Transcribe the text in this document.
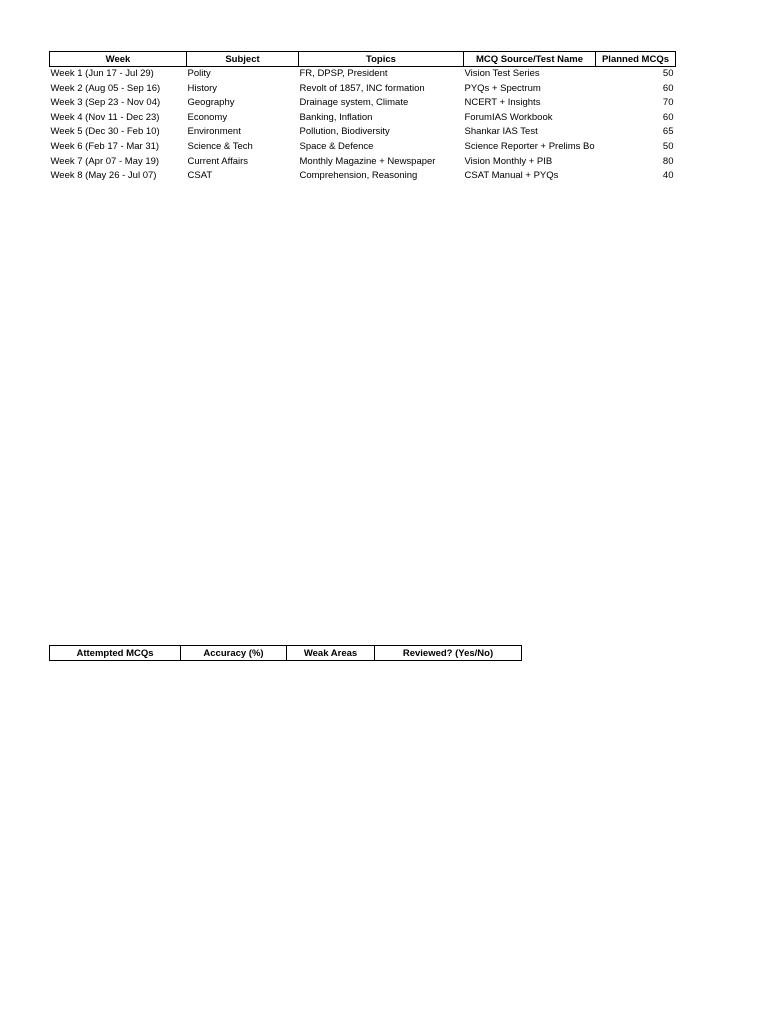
Week	Subject	Topics	MCQ Source/Test Name	Planned MCQs
Week 1 (Jun 17 - Jul 29)	Polity	FR, DPSP, President	Vision Test Series	50
Week 2 (Aug 05 - Sep 16)	History	Revolt of 1857, INC formation	PYQs + Spectrum	60
Week 3 (Sep 23 - Nov 04)	Geography	Drainage system, Climate	NCERT + Insights	70
Week 4 (Nov 11 - Dec 23)	Economy	Banking, Inflation	ForumIAS Workbook	60
Week 5 (Dec 30 - Feb 10)	Environment	Pollution, Biodiversity	Shankar IAS Test	65
Week 6 (Feb 17 - Mar 31)	Science & Tech	Space & Defence	Science Reporter + Prelims Bo	50
Week 7 (Apr 07 - May 19)	Current Affairs	Monthly Magazine + Newspaper	Vision Monthly + PIB	80
Week 8 (May 26 - Jul 07)	CSAT	Comprehension, Reasoning	CSAT Manual + PYQs	40
Attempted MCQs	Accuracy (%)	Weak Areas	Reviewed? (Yes/No)
